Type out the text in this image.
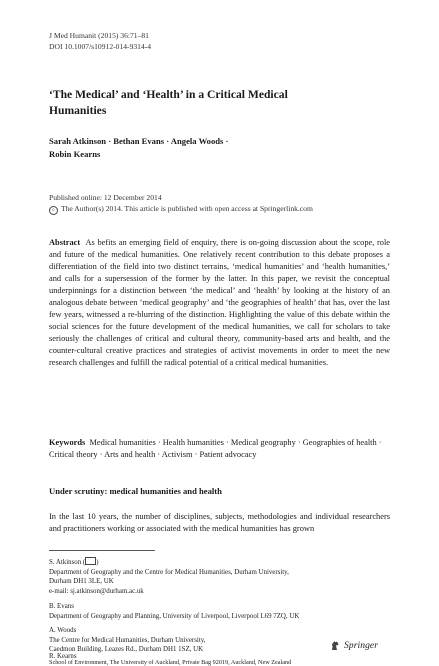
J Med Humanit (2015) 36:71–81
DOI 10.1007/s10912-014-9314-4
‘The Medical’ and ‘Health’ in a Critical Medical
Humanities
Sarah Atkinson · Bethan Evans · Angela Woods ·
Robin Kearns
Published online: 12 December 2014
c The Author(s) 2014. This article is published with open access at Springerlink.com
Abstract As befits an emerging field of enquiry, there is on-going discussion about the scope, role and future of the medical humanities. One relatively recent contribution to this debate proposes a differentiation of the field into two distinct terrains, ‘medical humanities’ and ‘health humanities,’ and calls for a supersession of the former by the latter. In this paper, we revisit the conceptual underpinnings for a distinction between ‘the medical’ and ‘health’ by looking at the history of an analogous debate between ‘medical geography’ and ‘the geographies of health’ that has, over the last few years, witnessed a re-blurring of the distinction. Highlighting the value of this debate within the social sciences for the future development of the medical humanities, we call for scholars to take seriously the challenges of critical and cultural theory, community-based arts and health, and the counter-cultural creative practices and strategies of activist movements in order to meet the new research challenges and fulfill the radical potential of a critical medical humanities.
Keywords Medical humanities · Health humanities · Medical geography · Geographies of health · Critical theory · Arts and health · Activism · Patient advocacy
Under scrutiny: medical humanities and health
In the last 10 years, the number of disciplines, subjects, methodologies and individual researchers and practitioners working or associated with the medical humanities has grown
S. Atkinson ( )
Department of Geography and the Centre for Medical Humanities, Durham University,
Durham DH1 3LE, UK
e-mail: sj.atkinson@durham.ac.uk
B. Evans
Department of Geography and Planning, University of Liverpool, Liverpool L69 7ZQ, UK
A. Woods
The Centre for Medical Humanities, Durham University,
Caedmon Building, Leazes Rd., Durham DH1 1SZ, UK
R. Kearns
School of Environment, The University of Auckland, Private Bag 92019, Auckland, New Zealand
Springer
